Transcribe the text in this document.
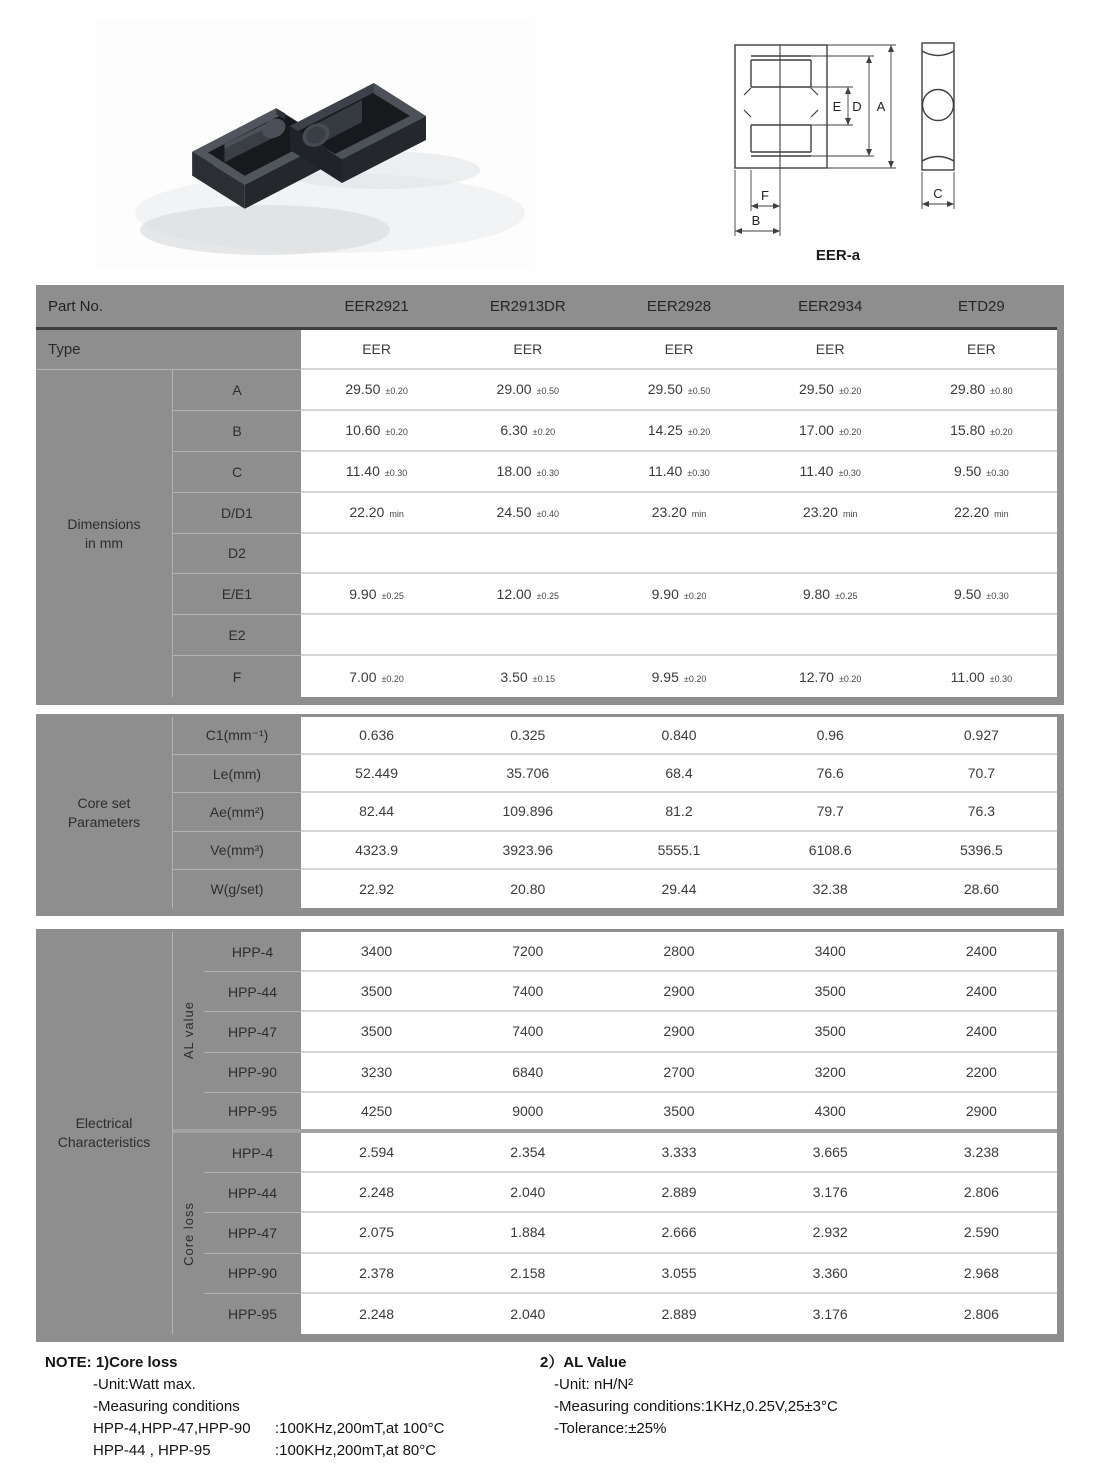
E D A
F
B
C
EER-a
Part No.	EER2921	ER2913DR	EER2928	EER2934	ETD29
Type	EER	EER	EER	EER	EER
Dimensions
in mm
A	29.50 ±0.20	29.00 ±0.50	29.50 ±0.50	29.50 ±0.20	29.80 ±0.80
B	10.60 ±0.20	6.30 ±0.20	14.25 ±0.20	17.00 ±0.20	15.80 ±0.20
C	11.40 ±0.30	18.00 ±0.30	11.40 ±0.30	11.40 ±0.30	9.50 ±0.30
D/D1	22.20 min	24.50 ±0.40	23.20 min	23.20 min	22.20 min
D2
E/E1	9.90 ±0.25	12.00 ±0.25	9.90 ±0.20	9.80 ±0.25	9.50 ±0.30
E2
F	7.00 ±0.20	3.50 ±0.15	9.95 ±0.20	12.70 ±0.20	11.00 ±0.30
Core set
Parameters
C1(mm⁻¹)	0.636	0.325	0.840	0.96	0.927
Le(mm)	52.449	35.706	68.4	76.6	70.7
Ae(mm²)	82.44	109.896	81.2	79.7	76.3
Ve(mm³)	4323.9	3923.96	5555.1	6108.6	5396.5
W(g/set)	22.92	20.80	29.44	32.38	28.60
Electrical
Characteristics
AL value
HPP-4	3400	7200	2800	3400	2400
HPP-44	3500	7400	2900	3500	2400
HPP-47	3500	7400	2900	3500	2400
HPP-90	3230	6840	2700	3200	2200
HPP-95	4250	9000	3500	4300	2900
Core loss
HPP-4	2.594	2.354	3.333	3.665	3.238
HPP-44	2.248	2.040	2.889	3.176	2.806
HPP-47	2.075	1.884	2.666	2.932	2.590
HPP-90	2.378	2.158	3.055	3.360	2.968
HPP-95	2.248	2.040	2.889	3.176	2.806
NOTE: 1)Core loss
-Unit:Watt max.
-Measuring conditions
HPP-4,HPP-47,HPP-90	:100KHz,200mT,at 100°C
HPP-44 , HPP-95	:100KHz,200mT,at 80°C
2）AL Value
-Unit: nH/N²
-Measuring conditions:1KHz,0.25V,25±3°C
-Tolerance:±25%
